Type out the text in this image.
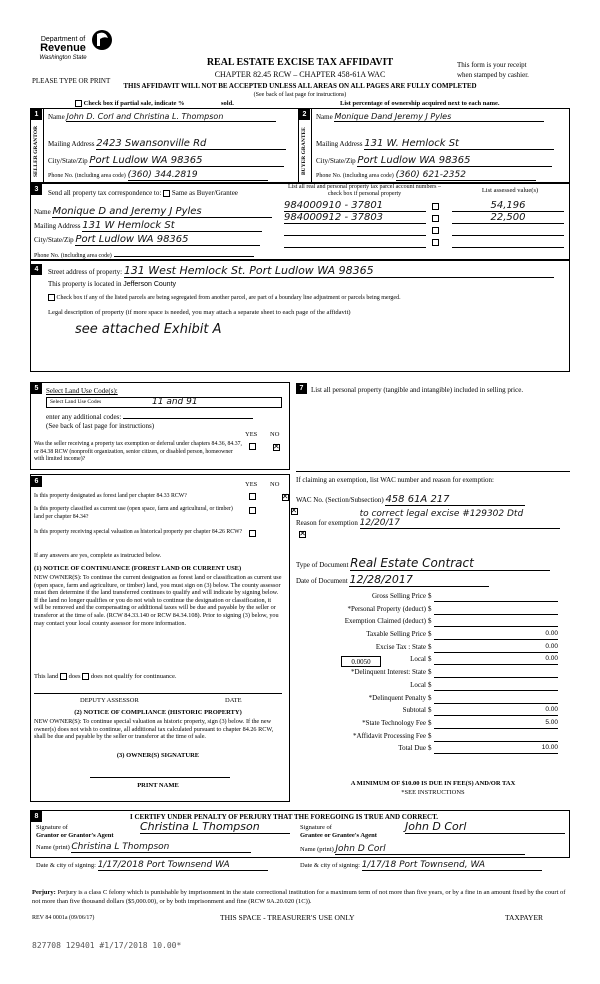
Department of
Revenue
Washington State
PLEASE TYPE OR PRINT
REAL ESTATE EXCISE TAX AFFIDAVIT
CHAPTER 82.45 RCW – CHAPTER 458-61A WAC
THIS AFFIDAVIT WILL NOT BE ACCEPTED UNLESS ALL AREAS ON ALL PAGES ARE FULLY COMPLETED
(See back of last page for instructions)
This form is your receipt
when stamped by cashier.
Check box if partial sale, indicate %	sold.	List percentage of ownership acquired next to each name.
1	2
SELLER GRANTOR	BUYER GRANTEE
Name John D. Corl and Christina L. Thompson
Mailing Address 2423 Swansonville Rd
City/State/Zip Port Ludlow WA 98365
Phone No. (including area code) (360) 344.2819
Name Monique Dand Jeremy J Pyles
Mailing Address 131 W. Hemlock St
City/State/Zip Port Ludlow WA 98365
Phone No. (including area code) (360) 621-2352
3	Send all property tax correspondence to: Same as Buyer/Grantee
Name Monique D and Jeremy J Pyles
Mailing Address 131 W Hemlock St
City/State/Zip Port Ludlow WA 98365
Phone No. (including area code)
List all real and personal property tax parcel account numbers – check box if personal property	List assessed value(s)
984000910 - 37801	54,196
984000912 - 37803	22,500
4	Street address of property: 131 West Hemlock St. Port Ludlow WA 98365
This property is located in Jefferson County
Check box if any of the listed parcels are being segregated from another parcel, are part of a boundary line adjustment or parcels being merged.
Legal description of property (if more space is needed, you may attach a separate sheet to each page of the affidavit)
see attached Exhibit A
5	Select Land Use Code(s):
Select Land Use Codes	11 and 91
enter any additional codes:
(See back of last page for instructions)
YES NO
Was the seller receiving a property tax exemption or deferral under chapters 84.36, 84.37, or 84.38 RCW (nonprofit organization, senior citizen, or disabled person, homeowner with limited income)?
✕
6	YES NO
Is this property designated as forest land per chapter 84.33 RCW?
✕
Is this property classified as current use (open space, farm and agricultural, or timber) land per chapter 84.34?
✕
Is this property receiving special valuation as historical property per chapter 84.26 RCW?
✕
If any answers are yes, complete as instructed below.
(1) NOTICE OF CONTINUANCE (FOREST LAND OR CURRENT USE)
NEW OWNER(S): To continue the current designation as forest land or classification as current use (open space, farm and agriculture, or timber) land, you must sign on (3) below. The county assessor must then determine if the land transferred continues to qualify and will indicate by signing below. If the land no longer qualifies or you do not wish to continue the designation or classification, it will be removed and the compensating or additional taxes will be due and payable by the seller or transferor at the time of sale. (RCW 84.33.140 or RCW 84.34.108). Prior to signing (3) below, you may contact your local county assessor for more information.
This land does does not qualify for continuance.
DEPUTY ASSESSOR	DATE
(2) NOTICE OF COMPLIANCE (HISTORIC PROPERTY)
NEW OWNER(S): To continue special valuation as historic property, sign (3) below. If the new owner(s) does not wish to continue, all additional tax calculated pursuant to chapter 84.26 RCW, shall be due and payable by the seller or transferor at the time of sale.
(3) OWNER(S) SIGNATURE
PRINT NAME
7	List all personal property (tangible and intangible) included in selling price.
If claiming an exemption, list WAC number and reason for exemption:
WAC No. (Section/Subsection) 458 61A 217
Reason for exemption to correct legal excise #129302 Dtd 12/20/17
Type of Document Real Estate Contract
Date of Document 12/28/2017
Gross Selling Price $
*Personal Property (deduct) $
Exemption Claimed (deduct) $
Taxable Selling Price $	0.00
Excise Tax : State $	0.00
Local $	0.00
*Delinquent Interest: State $
Local $
*Delinquent Penalty $
Subtotal $	0.00
*State Technology Fee $	5.00
*Affidavit Processing Fee $
Total Due $	10.00
0.0050
A MINIMUM OF $10.00 IS DUE IN FEE(S) AND/OR TAX
*SEE INSTRUCTIONS
8	I CERTIFY UNDER PENALTY OF PERJURY THAT THE FOREGOING IS TRUE AND CORRECT.
Signature of
Grantor or Grantor's Agent
Christina L Thompson
Name (print) Christina L Thompson
Date & city of signing: 1/17/2018 Port Townsend WA
Signature of
Grantee or Grantee's Agent
John D Corl
Name (print) John D Corl
Date & city of signing: 1/17/18 Port Townsend, WA
Perjury: Perjury is a class C felony which is punishable by imprisonment in the state correctional institution for a maximum term of not more than five years, or by a fine in an amount fixed by the court of not more than five thousand dollars ($5,000.00), or by both imprisonment and fine (RCW 9A.20.020 (1C)).
REV 84 0001a (09/06/17)	THIS SPACE - TREASURER'S USE ONLY	TAXPAYER
827708 129401 #1/17/2018 10.00*
